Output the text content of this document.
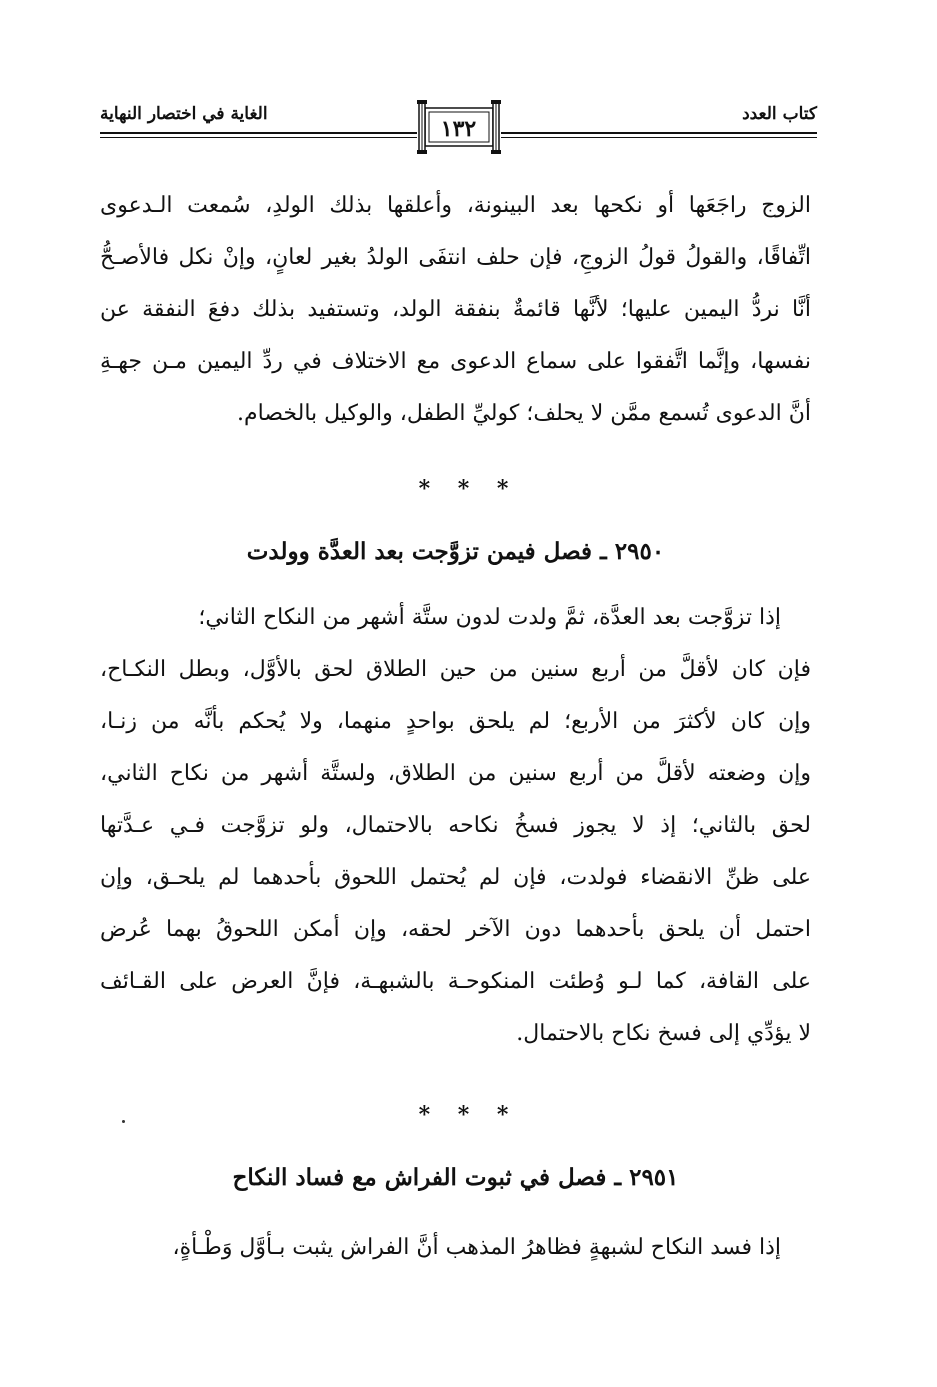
كتاب العدد
الغاية في اختصار النهاية
١٣٢

الزوج راجَعَها أو نكحها بعد البينونة، وأعلقها بذلك الولدِ، سُمعت الـدعوى
اتِّفاقًا، والقولُ قولُ الزوجِ، فإن حلف انتفَى الولدُ بغير لعانٍ، وإنْ نكل فالأصـحُّ
أنَّا نردُّ اليمين عليها؛ لأنَّها قائمةٌ بنفقة الولد، وتستفيد بذلك دفعَ النفقة عن
نفسها، وإنَّما اتَّفقوا على سماع الدعوى مع الاختلاف في ردِّ اليمين مـن جهـةِ
أنَّ الدعوى تُسمع ممَّن لا يحلف؛ كوليِّ الطفل، والوكيل بالخصام.

* * *
٢٩٥٠ ـ فصل فيمن تزوَّجت بعد العدَّة وولدت

إذا تزوَّجت بعد العدَّة، ثمَّ ولدت لدون ستَّة أشهر من النكاح الثاني؛
فإن كان لأقلَّ من أربع سنين من حين الطلاق لحق بالأوَّل، وبطل النكـاح،
وإن كان لأكثرَ من الأربع؛ لم يلحق بواحدٍ منهما، ولا يُحكم بأنَّه من زنـا،
وإن وضعته لأقلَّ من أربع سنين من الطلاق، ولستَّة أشهر من نكاح الثاني،
لحق بالثاني؛ إذ لا يجوز فسخُ نكاحه بالاحتمال، ولو تزوَّجت فـي عـدَّتها
على ظنِّ الانقضاء فولدت، فإن لم يُحتمل اللحوق بأحدهما لم يلحـق، وإن
احتمل أن يلحق بأحدهما دون الآخر لحقه، وإن أمكن اللحوقُ بهما عُرض
على القافة، كما لـو وُطئت المنكوحـة بالشبهـة، فإنَّ العرض على القـائف
لا يؤدِّي إلى فسخ نكاح بالاحتمال.

* * *
٢٩٥١ ـ فصل في ثبوت الفراش مع فساد النكاح

إذا فسد النكاح لشبهةٍ فظاهرُ المذهب أنَّ الفراش يثبت بـأوَّل وَطْـأةٍ،
